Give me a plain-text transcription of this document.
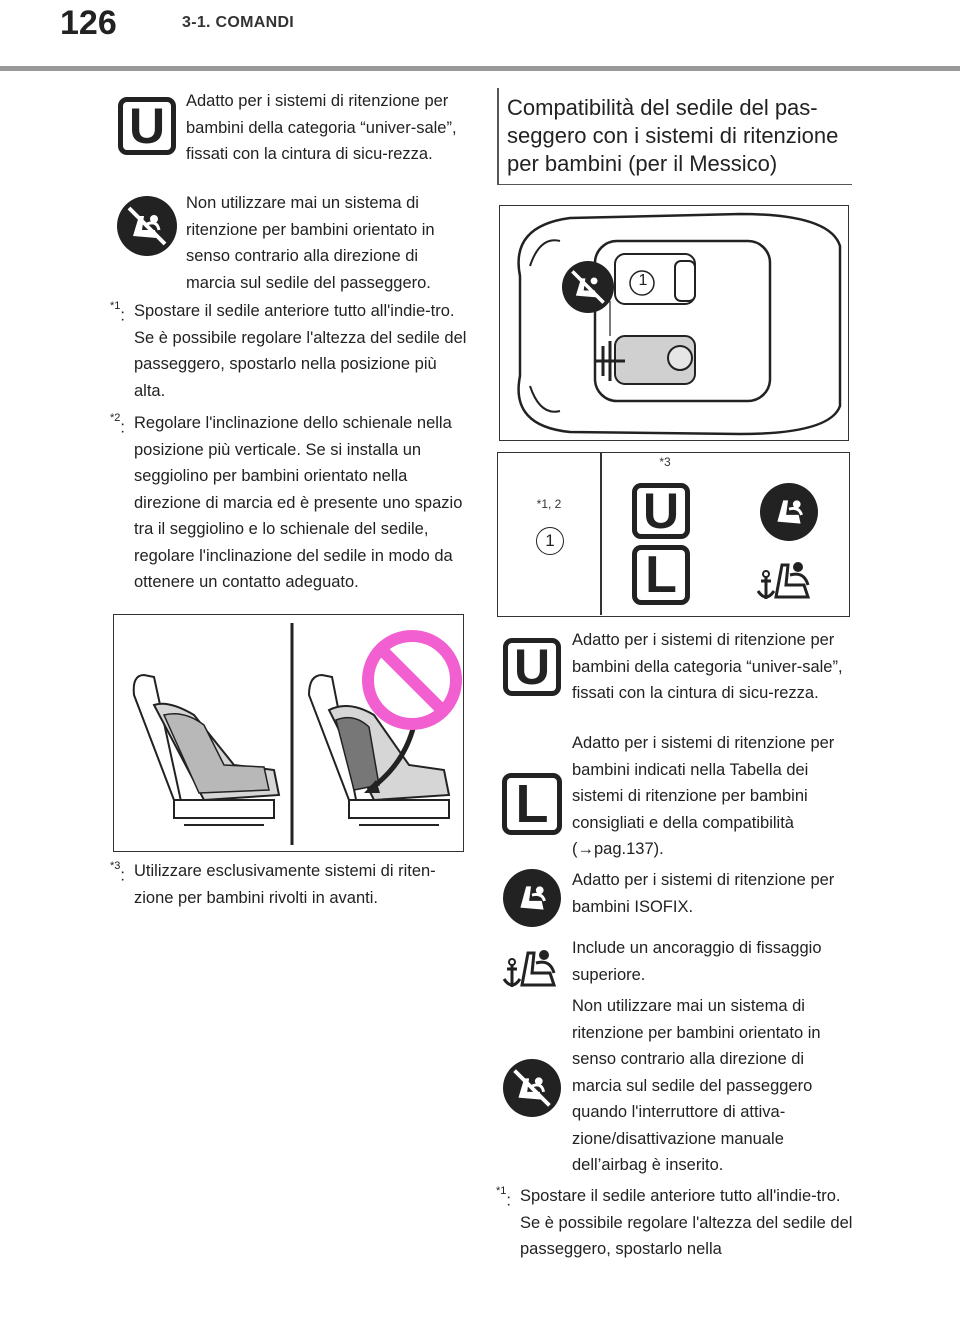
126	3-1. COMANDI
U Adatto per i sistemi di ritenzione per bambini della categoria “univer-sale”, fissati con la cintura di sicu-rezza.
Non utilizzare mai un sistema di ritenzione per bambini orientato in senso contrario alla direzione di marcia sul sedile del passeggero.
$^{*1}$: Spostare il sedile anteriore tutto all'indie-tro. Se è possibile regolare l'altezza del sedile del passeggero, spostarlo nella posizione più alta.
$^{*2}$: Regolare l'inclinazione dello schienale nella posizione più verticale. Se si installa un seggiolino per bambini orientato nella direzione di marcia ed è presente uno spazio tra il seggiolino e lo schienale del sedile, regolare l'inclinazione del sedile in modo da ottenere un contatto adeguato.
$^{*3}$: Utilizzare esclusivamente sistemi di riten-zione per bambini rivolti in avanti.
Compatibilità del sedile del pas-seggero con i sistemi di ritenzione per bambini (per il Messico)
1
*1, 2
1
*3
U
L
U Adatto per i sistemi di ritenzione per bambini della categoria “univer-sale”, fissati con la cintura di sicu-rezza.
L
Adatto per i sistemi di ritenzione per bambini indicati nella Tabella dei sistemi di ritenzione per bambini consigliati e della compatibilità (→pag.137).
Adatto per i sistemi di ritenzione per bambini ISOFIX.
Include un ancoraggio di fissaggio superiore.
Non utilizzare mai un sistema di ritenzione per bambini orientato in senso contrario alla direzione di marcia sul sedile del passeggero quando l'interruttore di attiva-zione/disattivazione manuale dell’airbag è inserito.
$^{*1}$: Spostare il sedile anteriore tutto all'indie-tro. Se è possibile regolare l'altezza del sedile del passeggero, spostarlo nella
